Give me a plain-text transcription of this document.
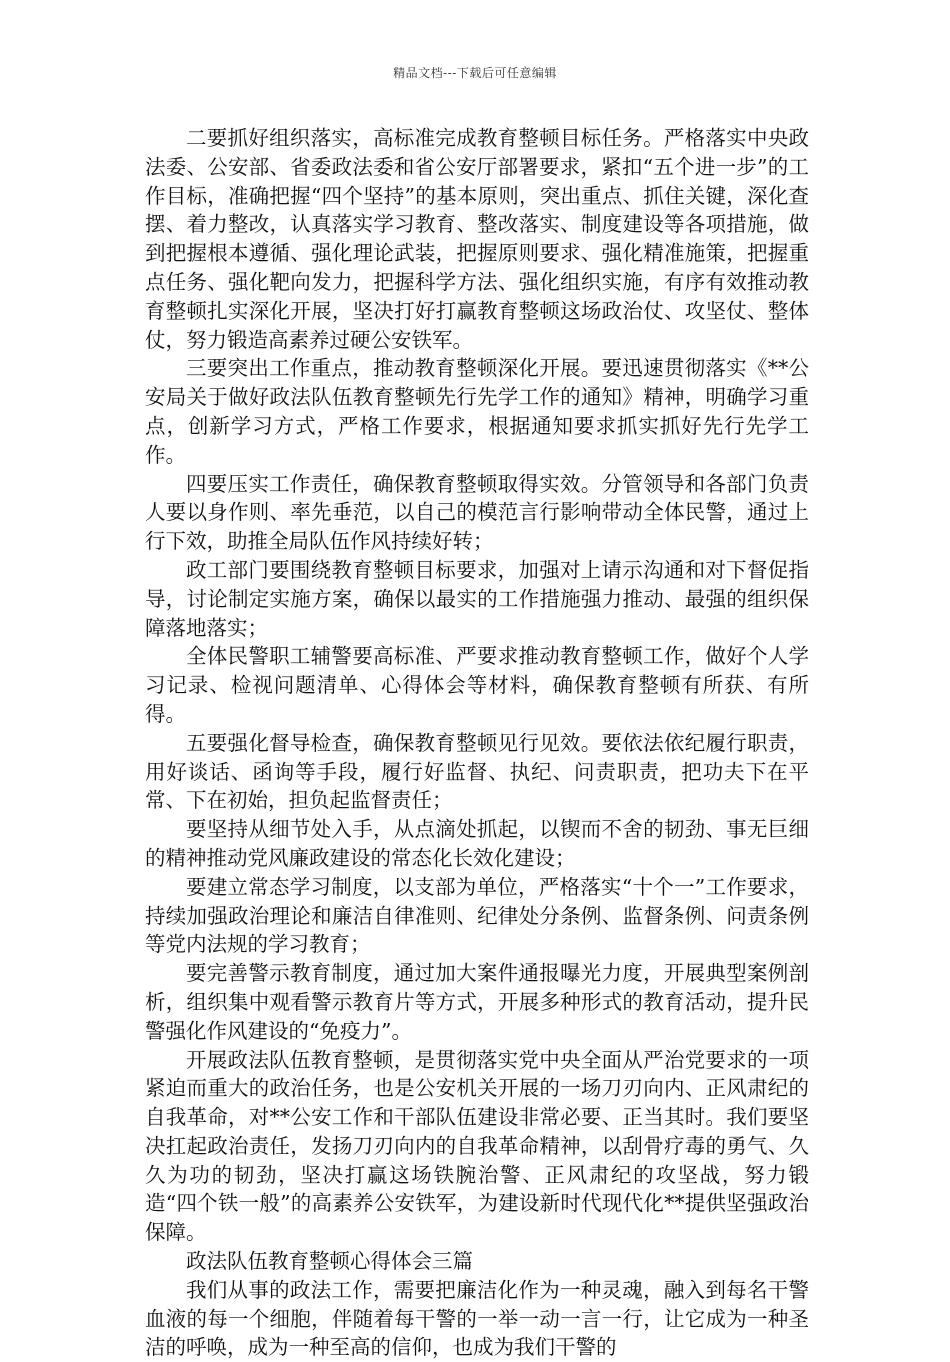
精品文档---下载后可任意编辑

二要抓好组织落实，高标准完成教育整顿目标任务。严格落实中央政法委、公安部、省委政法委和省公安厅部署要求，紧扣“五个进一步”的工作目标，准确把握“四个坚持”的基本原则，突出重点、抓住关键，深化查摆、着力整改，认真落实学习教育、整改落实、制度建设等各项措施，做到把握根本遵循、强化理论武装，把握原则要求、强化精准施策，把握重点任务、强化靶向发力，把握科学方法、强化组织实施，有序有效推动教育整顿扎实深化开展，坚决打好打赢教育整顿这场政治仗、攻坚仗、整体仗，努力锻造高素养过硬公安铁军。

三要突出工作重点，推动教育整顿深化开展。要迅速贯彻落实《**公安局关于做好政法队伍教育整顿先行先学工作的通知》精神，明确学习重点，创新学习方式，严格工作要求，根据通知要求抓实抓好先行先学工作。

四要压实工作责任，确保教育整顿取得实效。分管领导和各部门负责人要以身作则、率先垂范，以自己的模范言行影响带动全体民警，通过上行下效，助推全局队伍作风持续好转；

政工部门要围绕教育整顿目标要求，加强对上请示沟通和对下督促指导，讨论制定实施方案，确保以最实的工作措施强力推动、最强的组织保障落地落实；

全体民警职工辅警要高标准、严要求推动教育整顿工作，做好个人学习记录、检视问题清单、心得体会等材料，确保教育整顿有所获、有所得。

五要强化督导检查，确保教育整顿见行见效。要依法依纪履行职责，用好谈话、函询等手段，履行好监督、执纪、问责职责，把功夫下在平常、下在初始，担负起监督责任；

要坚持从细节处入手，从点滴处抓起，以锲而不舍的韧劲、事无巨细的精神推动党风廉政建设的常态化长效化建设；

要建立常态学习制度，以支部为单位，严格落实“十个一”工作要求，持续加强政治理论和廉洁自律准则、纪律处分条例、监督条例、问责条例等党内法规的学习教育；

要完善警示教育制度，通过加大案件通报曝光力度，开展典型案例剖析，组织集中观看警示教育片等方式，开展多种形式的教育活动，提升民警强化作风建设的“免疫力”。

开展政法队伍教育整顿，是贯彻落实党中央全面从严治党要求的一项紧迫而重大的政治任务，也是公安机关开展的一场刀刃向内、正风肃纪的自我革命，对**公安工作和干部队伍建设非常必要、正当其时。我们要坚决扛起政治责任，发扬刀刃向内的自我革命精神，以刮骨疗毒的勇气、久久为功的韧劲，坚决打赢这场铁腕治警、正风肃纪的攻坚战，努力锻造“四个铁一般”的高素养公安铁军，为建设新时代现代化**提供坚强政治保障。

政法队伍教育整顿心得体会三篇

我们从事的政法工作，需要把廉洁化作为一种灵魂，融入到每名干警血液的每一个细胞，伴随着每干警的一举一动一言一行，让它成为一种圣洁的呼唤，成为一种至高的信仰，也成为我们干警的
